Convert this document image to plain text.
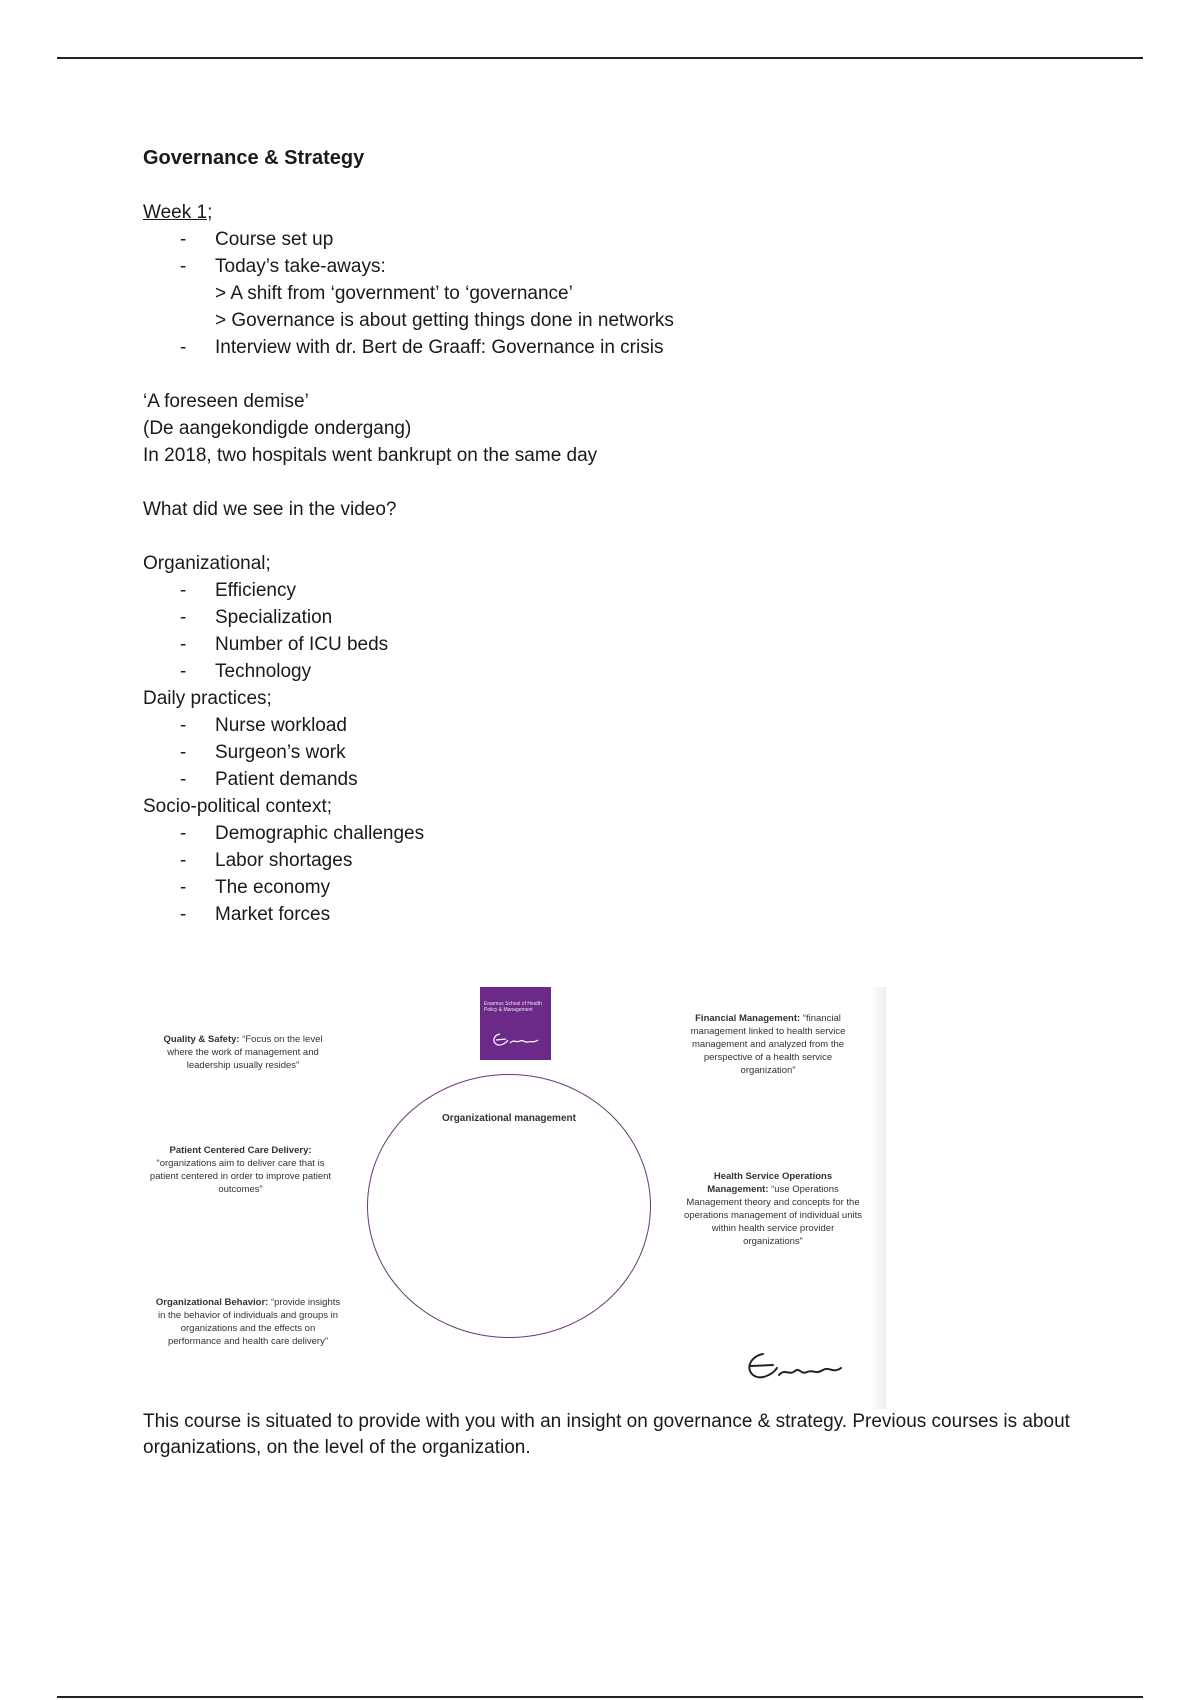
Governance & Strategy

Week 1;

- Course set up
- Today’s take-aways:
> A shift from ‘government’ to ‘governance’
> Governance is about getting things done in networks
- Interview with dr. Bert de Graaff: Governance in crisis

‘A foreseen demise’

(De aangekondigde ondergang)

In 2018, two hospitals went bankrupt on the same day

What did we see in the video?

Organizational;

- Efficiency
- Specialization
- Number of ICU beds
- Technology

Daily practices;

- Nurse workload
- Surgeon’s work
- Patient demands

Socio-political context;

- Demographic challenges
- Labor shortages
- The economy
- Market forces
Erasmus School of Health Policy & Management
Organizational management
Quality & Safety: “Focus on the level where the work of management and leadership usually resides”
Patient Centered Care Delivery: “organizations aim to deliver care that is patient centered in order to improve patient outcomes”
Organizational Behavior: “provide insights in the behavior of individuals and groups in organizations and the effects on performance and health care delivery”
Financial Management: “financial management linked to health service management and analyzed from the perspective of a health service organization”
Health Service Operations Management: “use Operations Management theory and concepts for the operations management of individual units within health service provider organizations”

This course is situated to provide with you with an insight on governance & strategy. Previous courses is about organizations, on the level of the organization.
